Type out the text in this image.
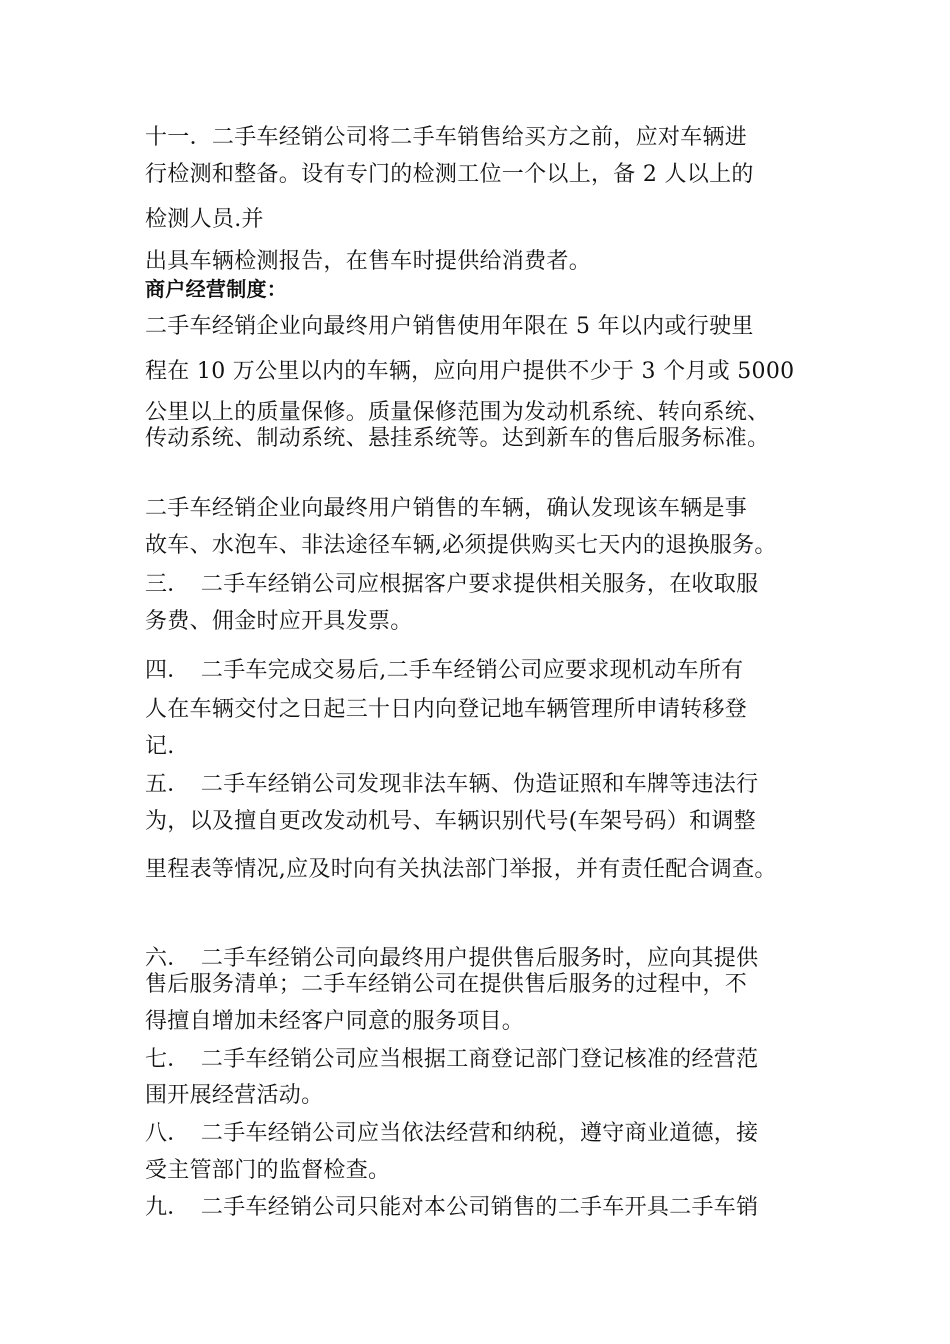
十一．二手车经销公司将二手车销售给买方之前，应对车辆进
行检测和整备。设有专门的检测工位一个以上，备 2 人以上的
检测人员.并
出具车辆检测报告，在售车时提供给消费者。
商户经营制度：
二手车经销企业向最终用户销售使用年限在 5 年以内或行驶里
程在 10 万公里以内的车辆，应向用户提供不少于 3 个月或 5000
公里以上的质量保修。质量保修范围为发动机系统、转向系统、
传动系统、制动系统、悬挂系统等。达到新车的售后服务标准。
二手车经销企业向最终用户销售的车辆，确认发现该车辆是事
故车、水泡车、非法途径车辆,必须提供购买七天内的退换服务。
三．　二手车经销公司应根据客户要求提供相关服务，在收取服
务费、佣金时应开具发票。
四．　二手车完成交易后,二手车经销公司应要求现机动车所有
人在车辆交付之日起三十日内向登记地车辆管理所申请转移登
记.
五．　二手车经销公司发现非法车辆、伪造证照和车牌等违法行
为，以及擅自更改发动机号、车辆识别代号(车架号码）和调整
里程表等情况,应及时向有关执法部门举报，并有责任配合调查。
六．　二手车经销公司向最终用户提供售后服务时，应向其提供
售后服务清单；二手车经销公司在提供售后服务的过程中，不
得擅自增加未经客户同意的服务项目。
七．　二手车经销公司应当根据工商登记部门登记核准的经营范
围开展经营活动。
八．　二手车经销公司应当依法经营和纳税，遵守商业道德，接
受主管部门的监督检查。
九．　二手车经销公司只能对本公司销售的二手车开具二手车销
